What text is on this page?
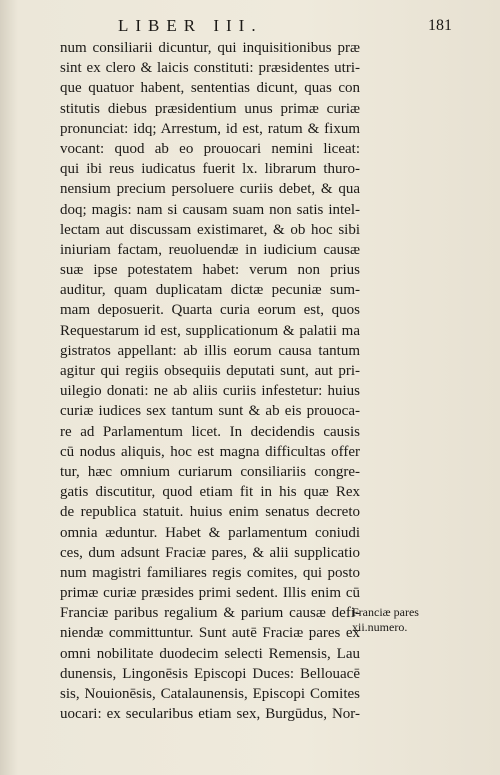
LIBER III.	181
num consiliarii dicuntur, qui inquisitionibus præ
sint ex clero & laicis constituti: præsidentes utri-
que quatuor habent, sententias dicunt, quas con
stitutis diebus præsidentium unus primæ curiæ
pronunciat: idq; Arrestum, id est, ratum & fixum
vocant: quod ab eo prouocari nemini liceat:
qui ibi reus iudicatus fuerit lx. librarum thuro-
nensium precium persoluere curiis debet, & qua
doq; magis: nam si causam suam non satis intel-
lectam aut discussam existimaret, & ob hoc sibi
iniuriam factam, reuoluendæ in iudicium causæ
suæ ipse potestatem habet: verum non prius
auditur, quam duplicatam dictæ pecuniæ sum-
mam deposuerit. Quarta curia eorum est, quos
Requestarum id est, supplicationum & palatii ma
gistratos appellant: ab illis eorum causa tantum
agitur qui regiis obsequiis deputati sunt, aut pri-
uilegio donati: ne ab aliis curiis infestetur: huius
curiæ iudices sex tantum sunt & ab eis prouoca-
re ad Parlamentum licet. In decidendis causis
cū nodus aliquis, hoc est magna difficultas offer
tur, hæc omnium curiarum consiliariis congre-
gatis discutitur, quod etiam fit in his quæ Rex
de republica statuit. huius enim senatus decreto
omnia æduntur. Habet & parlamentum coniudi
ces, dum adsunt Fraciæ pares, & alii supplicatio
num magistri familiares regis comites, qui posto
primæ curiæ præsides primi sedent. Illis enim cū
Franciæ paribus regalium & parium causæ defi-
niendæ committuntur. Sunt autē Fraciæ pares ex
omni nobilitate duodecim selecti Remensis, Lau
dunensis, Lingonēsis Episcopi Duces: Bellouacē
sis, Nouionēsis, Catalaunensis, Episcopi Comites
uocari: ex secularibus etiam sex, Burgūdus, Nor-
Franciæ pares
xii.numero.
